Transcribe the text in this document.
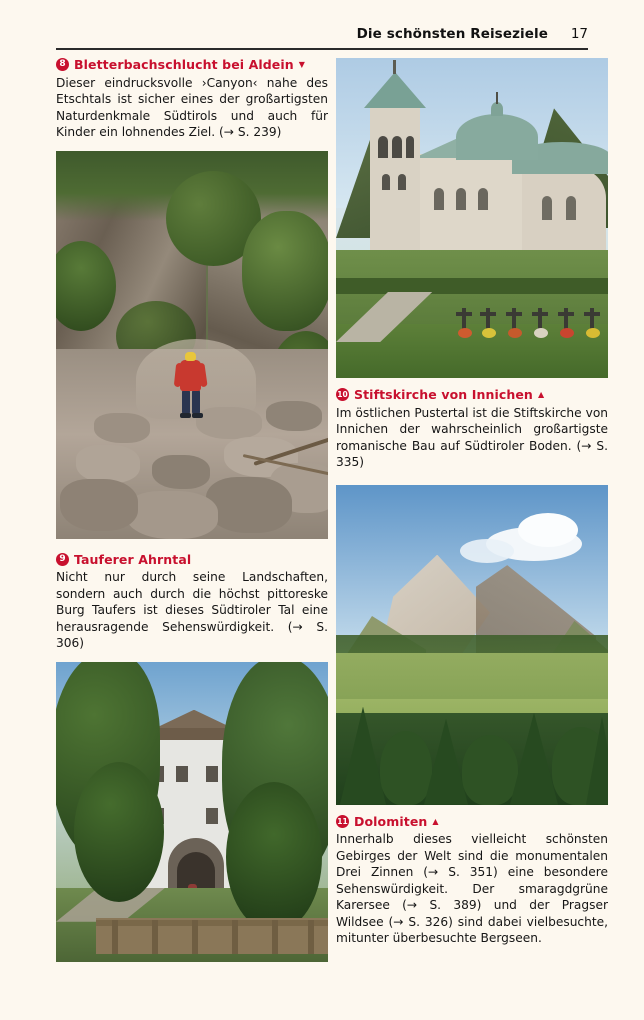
Die schönsten Reiseziele 17
8 Bletterbachschlucht bei Aldein ▼

Dieser eindrucksvolle ›Canyon‹ nahe des Etschtals ist sicher eines der großartigsten Naturdenkmale Südtirols und auch für Kinder ein lohnendes Ziel. (→ S. 239)

9 Tauferer Ahrntal

Nicht nur durch seine Landschaften, sondern auch durch die höchst pittoreske Burg Taufers ist dieses Südtiroler Tal eine herausragende Sehenswürdigkeit. (→ S. 306)

10 Stiftskirche von Innichen ▲

Im östlichen Pustertal ist die Stiftskirche von Innichen der wahrscheinlich großartigste romanische Bau auf Südtiroler Boden. (→ S. 335)

11 Dolomiten ▲

Innerhalb dieses vielleicht schönsten Gebirges der Welt sind die monumentalen Drei Zinnen (→ S. 351) eine besondere Sehenswürdigkeit. Der smaragdgrüne Karersee (→ S. 389) und der Pragser Wildsee (→ S. 326) sind dabei vielbesuchte, mitunter überbesuchte Bergseen.
